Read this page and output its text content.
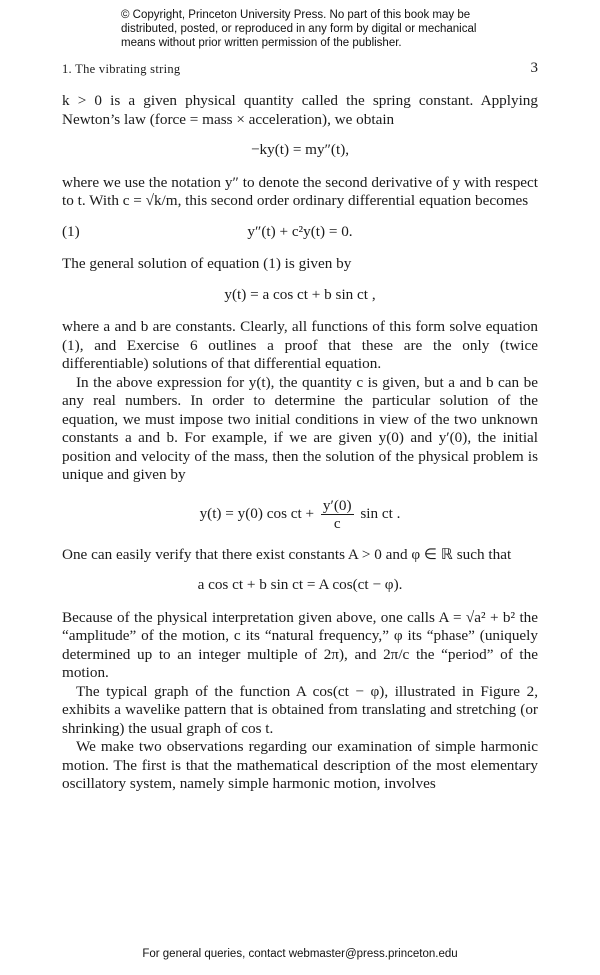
© Copyright, Princeton University Press. No part of this book may be
distributed, posted, or reproduced in any form by digital or mechanical
means without prior written permission of the publisher.
1. The vibrating string	3

k > 0 is a given physical quantity called the spring constant. Applying Newton’s law (force = mass × acceleration), we obtain

−ky(t) = my″(t),

where we use the notation y″ to denote the second derivative of y with respect to t. With c = √k/m, this second order ordinary differential equation becomes

(1)	y″(t) + c²y(t) = 0.

The general solution of equation (1) is given by

y(t) = a cos ct + b sin ct ,

where a and b are constants. Clearly, all functions of this form solve equation (1), and Exercise 6 outlines a proof that these are the only (twice differentiable) solutions of that differential equation.

In the above expression for y(t), the quantity c is given, but a and b can be any real numbers. In order to determine the particular solution of the equation, we must impose two initial conditions in view of the two unknown constants a and b. For example, if we are given y(0) and y′(0), the initial position and velocity of the mass, then the solution of the physical problem is unique and given by

y(t) = y(0) cos ct + $\frac{y'(0)}{c}$ sin ct .

One can easily verify that there exist constants A > 0 and φ ∈ ℝ such that

a cos ct + b sin ct = A cos(ct − φ).

Because of the physical interpretation given above, one calls A = √a² + b² the “amplitude” of the motion, c its “natural frequency,” φ its “phase” (uniquely determined up to an integer multiple of 2π), and 2π/c the “period” of the motion.

The typical graph of the function A cos(ct − φ), illustrated in Figure 2, exhibits a wavelike pattern that is obtained from translating and stretching (or shrinking) the usual graph of cos t.

We make two observations regarding our examination of simple harmonic motion. The first is that the mathematical description of the most elementary oscillatory system, namely simple harmonic motion, involves

For general queries, contact webmaster@press.princeton.edu
